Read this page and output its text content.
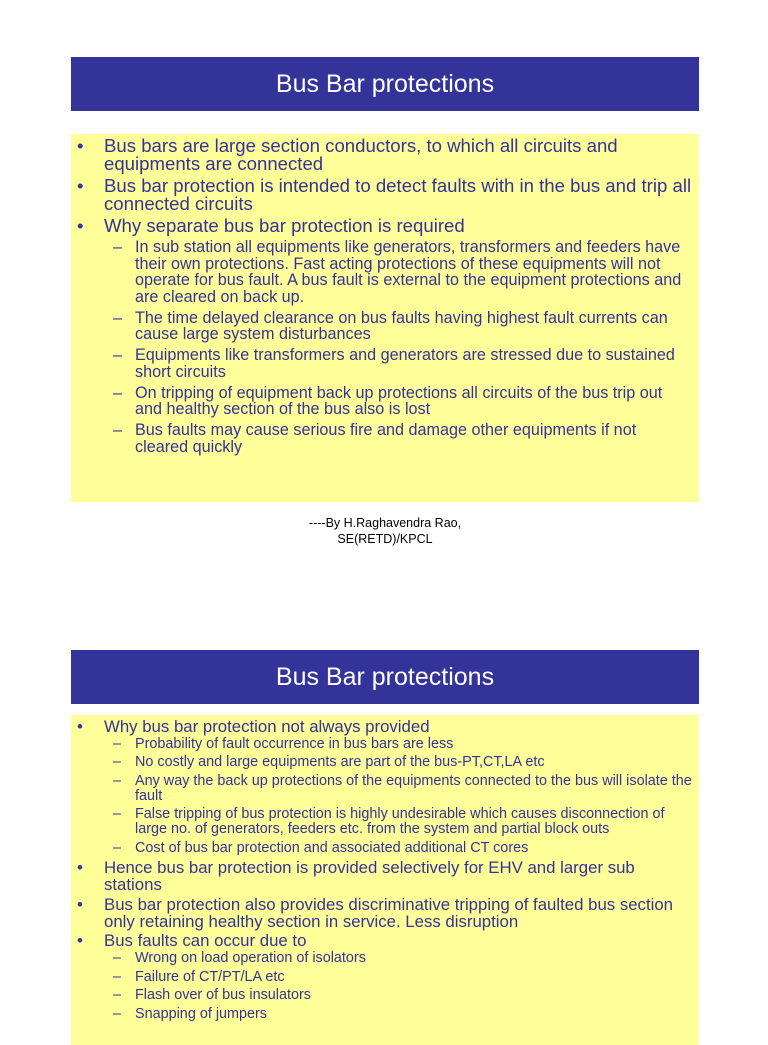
Bus Bar protections
• Bus bars are large section conductors, to which all circuits and equipments are connected
• Bus bar protection is intended to detect faults with in the bus and trip all connected circuits
• Why separate bus bar protection is required
– In sub station all equipments like generators, transformers and feeders have their own protections. Fast acting protections of these equipments will not operate for bus fault. A bus fault is external to the equipment protections and are cleared on back up.
– The time delayed clearance on bus faults having highest fault currents can cause large system disturbances
– Equipments like transformers and generators are stressed due to sustained short circuits
– On tripping of equipment back up protections all circuits of the bus trip out and healthy section of the bus also is lost
– Bus faults may cause serious fire and damage other equipments if not cleared quickly
----By H.Raghavendra Rao,
SE(RETD)/KPCL
Bus Bar protections
• Why bus bar protection not always provided
– Probability of fault occurrence in bus bars are less
– No costly and large equipments are part of the bus-PT,CT,LA etc
– Any way the back up protections of the equipments connected to the bus will isolate the fault
– False tripping of bus protection is highly undesirable which causes disconnection of large no. of generators, feeders etc. from the system and partial block outs
– Cost of bus bar protection and associated additional CT cores
• Hence bus bar protection is provided selectively for EHV and larger sub stations
• Bus bar protection also provides discriminative tripping of faulted bus section only retaining healthy section in service. Less disruption
• Bus faults can occur due to
– Wrong on load operation of isolators
– Failure of CT/PT/LA etc
– Flash over of bus insulators
– Snapping of jumpers
